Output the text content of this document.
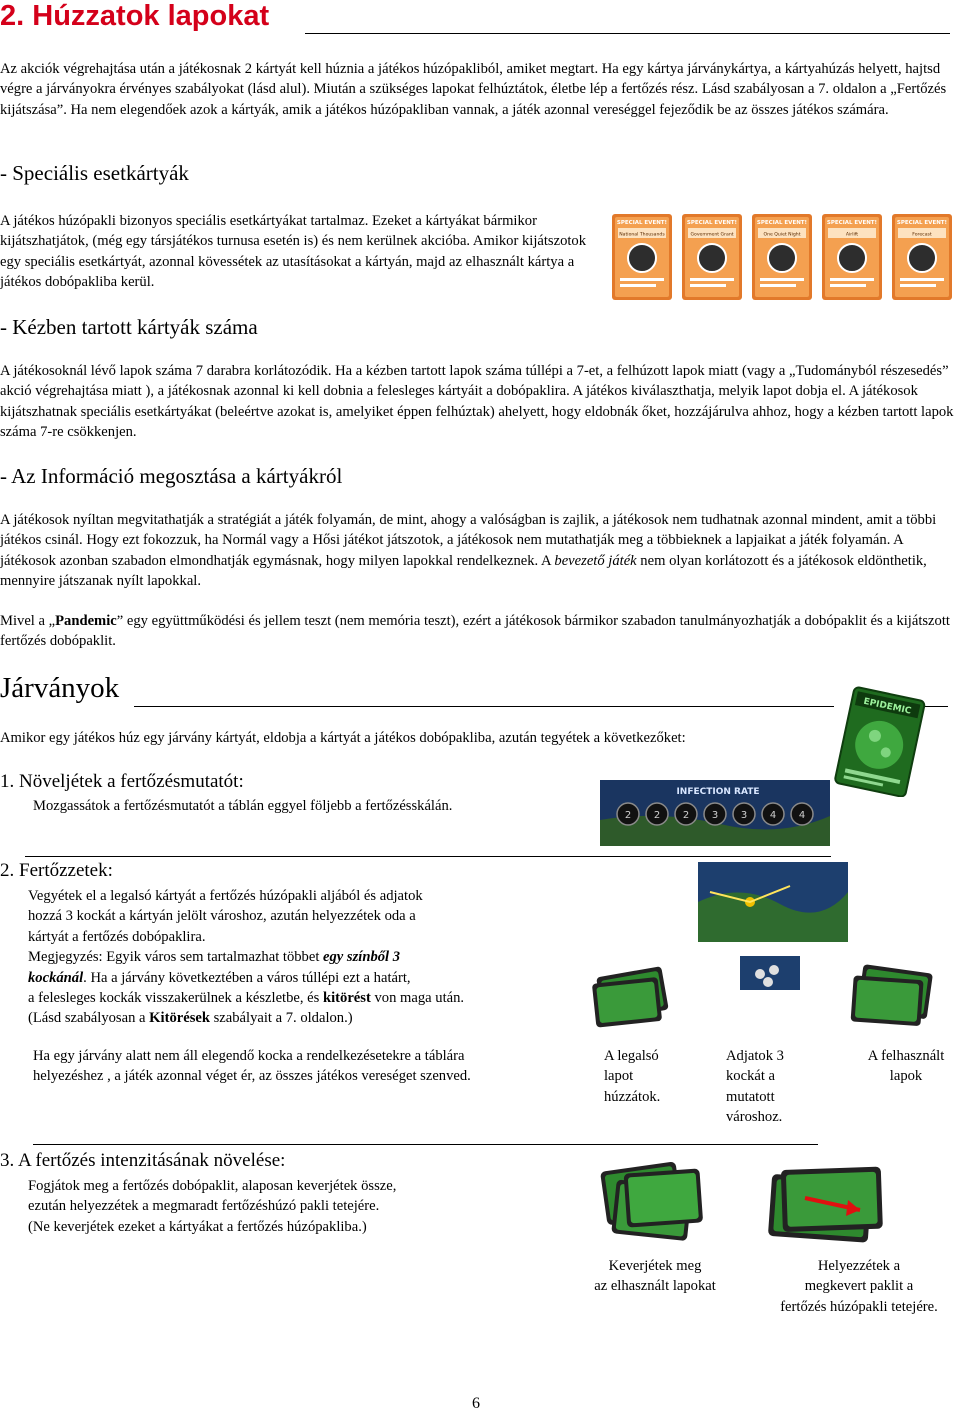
2. Húzzatok lapokat

Az akciók végrehajtása után a játékosnak 2 kártyát kell húznia a játékos húzópakliból, amiket megtart. Ha egy kártya járványkártya, a kártyahúzás helyett, hajtsd végre a járványokra érvényes szabályokat (lásd alul). Miután a szükséges lapokat felhúztátok, életbe lép a fertőzés rész. Lásd szabályosan a 7. oldalon a „Fertőzés kijátszása”. Ha nem elegendőek azok a kártyák, amik a játékos húzópakliban vannak, a játék azonnal vereséggel fejeződik be az összes játékos számára.

- Speciális esetkártyák

A játékos húzópakli bizonyos speciális esetkártyákat tartalmaz. Ezeket a kártyákat bármikor kijátszhatjátok, (még egy társjátékos turnusa esetén is) és nem kerülnek akcióba. Amikor kijátszotok egy speciális esetkártyát, azonnal kövessétek az utasításokat a kártyán, majd az elhasznált kártya a játékos dobópakliba kerül.

SPECIAL EVENT!
National Thousands
SPECIAL EVENT!
Government Grant
SPECIAL EVENT!
One Quiet Night
SPECIAL EVENT!
Airlift
SPECIAL EVENT!
Forecast
- Kézben tartott kártyák száma

A játékosoknál lévő lapok száma 7 darabra korlátozódik. Ha a kézben tartott lapok száma túllépi a 7-et, a felhúzott lapok miatt (vagy a „Tudományból részesedés” akció végrehajtása miatt ), a játékosnak azonnal ki kell dobnia a felesleges kártyáit a dobópaklira. A játékos kiválaszthatja, melyik lapot dobja el. A játékosok kijátszhatnak speciális esetkártyákat (beleértve azokat is, amelyiket éppen felhúztak) ahelyett, hogy eldobnák őket, hozzájárulva ahhoz, hogy a kézben tartott lapok száma 7-re csökkenjen.

- Az Információ megosztása a kártyákról

A játékosok nyíltan megvitathatják a stratégiát a játék folyamán, de mint, ahogy a valóságban is zajlik, a játékosok nem tudhatnak azonnal mindent, amit a többi játékos csinál. Hogy ezt fokozzuk, ha Normál vagy a Hősi játékot játszotok, a játékosok nem mutathatják meg a többieknek a lapjaikat a játék folyamán. A játékosok azonban szabadon elmondhatják egymásnak, hogy milyen lapokkal rendelkeznek. A bevezető játék nem olyan korlátozott és a játékosok eldönthetik, mennyire játszanak nyílt lapokkal.

Mivel a „Pandemic” egy együttműködési és jellem teszt (nem memória teszt), ezért a játékosok bármikor szabadon tanulmányozhatják a dobópaklit és a kijátszott fertőzés dobópaklit.

Járványok
EPIDEMIC

Amikor egy játékos húz egy járvány kártyát, eldobja a kártyát a játékos dobópakliba, azután tegyétek a következőket:

1. Növeljétek a fertőzésmutatót:

Mozgassátok a fertőzésmutatót a táblán eggyel följebb a fertőzésskálán.

INFECTION RATE
2 2 2 3 3 4 4
2. Fertőzzetek:
Vegyétek el a legalsó kártyát a fertőzés húzópakli aljából és adjatok
hozzá 3 kockát a kártyán jelölt városhoz, azután helyezzétek oda a
kártyát a fertőzés dobópaklira.
Megjegyzés: Egyik város sem tartalmazhat többet egy színből 3
kockánál. Ha a járvány következtében a város túllépi ezt a határt,
a felesleges kockák visszakerülnek a készletbe, és kitörést von maga után.
(Lásd szabályosan a Kitörések szabályait a 7. oldalon.)
Ha egy járvány alatt nem áll elegendő kocka a rendelkezésetekre a táblára
helyezéshez , a játék azonnal véget ér, az összes játékos vereséget szenved.
A legalsó
lapot
húzzátok.
Adjatok 3
kockát a
mutatott
városhoz.
A felhasznált
lapok
3. A fertőzés intenzitásának növelése:
Fogjátok meg a fertőzés dobópaklit, alaposan keverjétek össze,
ezután helyezzétek a megmaradt fertőzéshúzó pakli tetejére.
(Ne keverjétek ezeket a kártyákat a fertőzés húzópakliba.)
Keverjétek meg
az elhasznált lapokat
Helyezzétek a
megkevert paklit a
fertőzés húzópakli tetejére.
6
